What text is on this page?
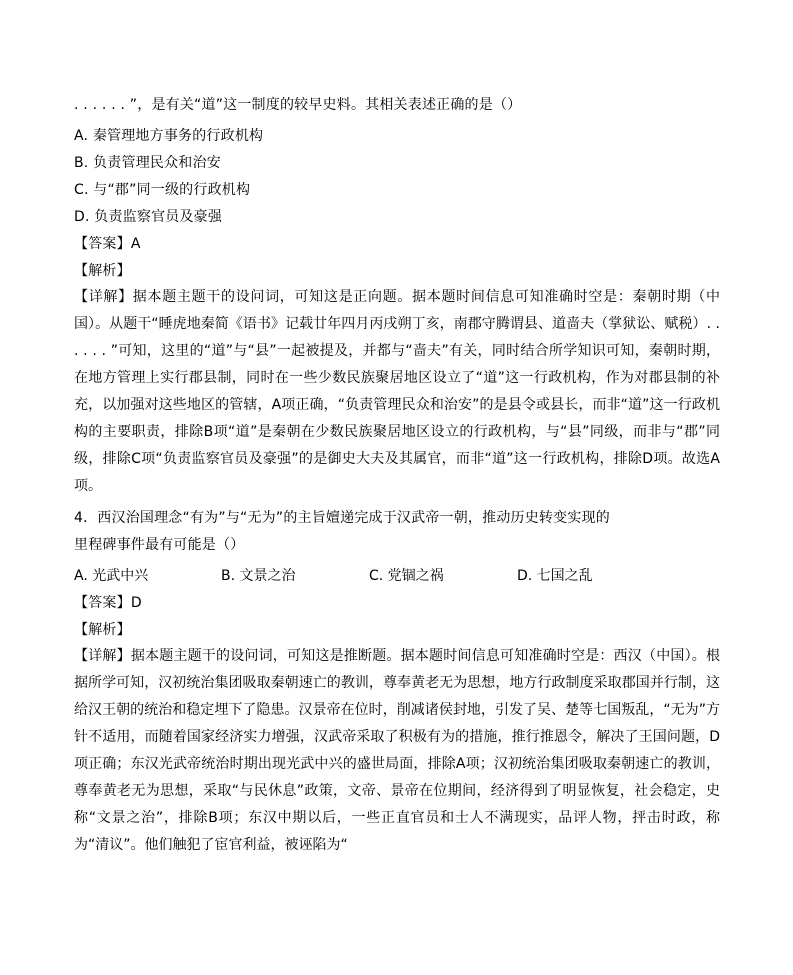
. . . . . . ”，是有关“道”这一制度的较早史料。其相关表述正确的是（）
A. 秦管理地方事务的行政机构
B. 负责管理民众和治安
C. 与“郡”同一级的行政机构
D. 负责监察官员及豪强
【答案】A
【解析】
【详解】据本题主题干的设问词，可知这是正向题。据本题时间信息可知准确时空是：秦朝时期（中国）。从题干“睡虎地秦简《语书》记载廿年四月丙戌朔丁亥，南郡守腾谓县、道啬夫（掌狱讼、赋税）. . . . . . ”可知，这里的“道”与“县”一起被提及，并都与“啬夫”有关，同时结合所学知识可知，秦朝时期，在地方管理上实行郡县制，同时在一些少数民族聚居地区设立了“道”这一行政机构，作为对郡县制的补充，以加强对这些地区的管辖，A项正确，“负责管理民众和治安”的是县令或县长，而非“道”这一行政机构的主要职责，排除B项“道”是秦朝在少数民族聚居地区设立的行政机构，与“县”同级，而非与“郡”同级，排除C项“负责监察官员及豪强”的是御史大夫及其属官，而非“道”这一行政机构，排除D项。故选A项。
4．西汉治国理念“有为”与“无为”的主旨嬗递完成于汉武帝一朝，推动历史转变实现的
里程碑事件最有可能是（）
A. 光武中兴	B. 文景之治	C. 党锢之祸	D. 七国之乱
【答案】D
【解析】
【详解】据本题主题干的设问词，可知这是推断题。据本题时间信息可知准确时空是：西汉（中国）。根据所学可知，汉初统治集团吸取秦朝速亡的教训，尊奉黄老无为思想，地方行政制度采取郡国并行制，这给汉王朝的统治和稳定埋下了隐患。汉景帝在位时，削减诸侯封地，引发了吴、楚等七国叛乱，“无为”方针不适用，而随着国家经济实力增强，汉武帝采取了积极有为的措施，推行推恩令，解决了王国问题，D项正确；东汉光武帝统治时期出现光武中兴的盛世局面，排除A项；汉初统治集团吸取秦朝速亡的教训，尊奉黄老无为思想，采取“与民休息”政策，文帝、景帝在位期间，经济得到了明显恢复，社会稳定，史称“文景之治”，排除B项；东汉中期以后，一些正直官员和士人不满现实，品评人物，抨击时政，称为“清议”。他们触犯了宦官利益，被诬陷为“
